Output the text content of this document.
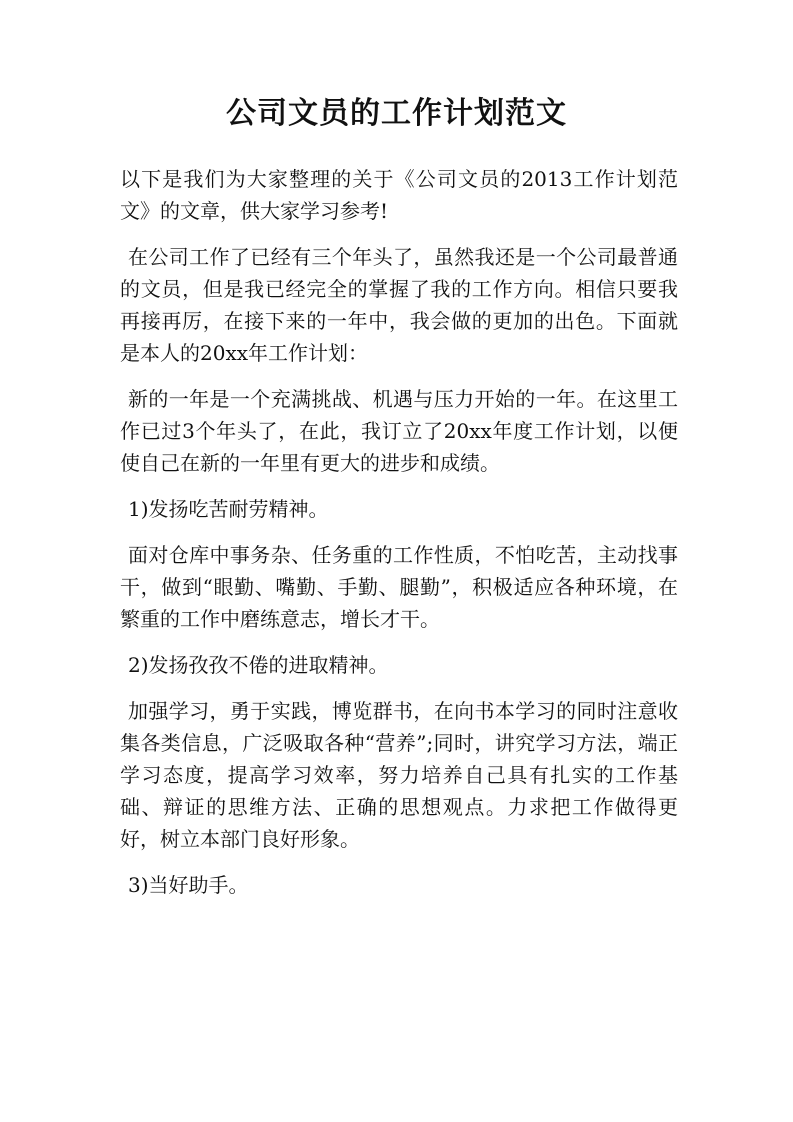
公司文员的工作计划范文

以下是我们为大家整理的关于《公司文员的2013工作计划范文》的文章，供大家学习参考!

在公司工作了已经有三个年头了，虽然我还是一个公司最普通的文员，但是我已经完全的掌握了我的工作方向。相信只要我再接再厉，在接下来的一年中，我会做的更加的出色。下面就是本人的20xx年工作计划：

新的一年是一个充满挑战、机遇与压力开始的一年。在这里工作已过3个年头了，在此，我订立了20xx年度工作计划，以便使自己在新的一年里有更大的进步和成绩。

1)发扬吃苦耐劳精神。

面对仓库中事务杂、任务重的工作性质，不怕吃苦，主动找事干，做到“眼勤、嘴勤、手勤、腿勤”，积极适应各种环境，在繁重的工作中磨练意志，增长才干。

2)发扬孜孜不倦的进取精神。

加强学习，勇于实践，博览群书，在向书本学习的同时注意收集各类信息，广泛吸取各种“营养”;同时，讲究学习方法，端正学习态度，提高学习效率，努力培养自己具有扎实的工作基础、辩证的思维方法、正确的思想观点。力求把工作做得更好，树立本部门良好形象。

3)当好助手。
